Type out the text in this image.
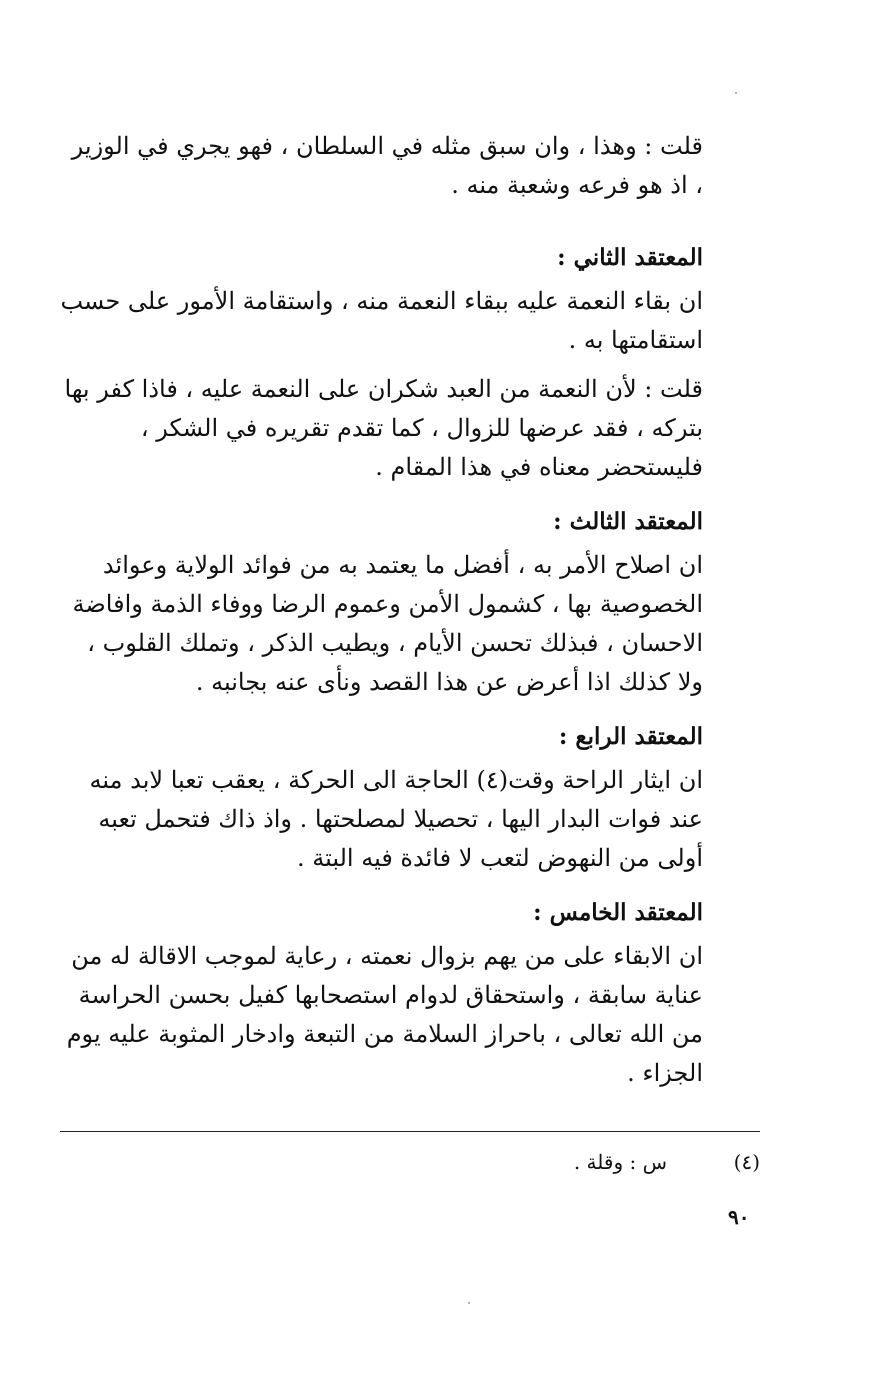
قلت : وهذا ، وان سبق مثله في السلطان ، فهو يجري في الوزير ، اذ هو فرعه وشعبة منه .

المعتقد الثاني :

ان بقاء النعمة عليه ببقاء النعمة منه ، واستقامة الأمور على حسب استقامتها به .

قلت : لأن النعمة من العبد شكران على النعمة عليه ، فاذا كفر بها بتركه ، فقد عرضها للزوال ، كما تقدم تقريره في الشكر ، فليستحضر معناه في هذا المقام .

المعتقد الثالث :

ان اصلاح الأمر به ، أفضل ما يعتمد به من فوائد الولاية وعوائد الخصوصية بها ، كشمول الأمن وعموم الرضا ووفاء الذمة وافاضة الاحسان ، فبذلك تحسن الأيام ، ويطيب الذكر ، وتملك القلوب ، ولا كذلك اذا أعرض عن هذا القصد ونأى عنه بجانبه .

المعتقد الرابع :

ان ايثار الراحة وقت(٤) الحاجة الى الحركة ، يعقب تعبا لابد منه عند فوات البدار اليها ، تحصيلا لمصلحتها . واذ ذاك فتحمل تعبه أولى من النهوض لتعب لا فائدة فيه البتة .

المعتقد الخامس :

ان الابقاء على من يهم بزوال نعمته ، رعاية لموجب الاقالة له من عناية سابقة ، واستحقاق لدوام استصحابها كفيل بحسن الحراسة من الله تعالى ، باحراز السلامة من التبعة وادخار المثوبة عليه يوم الجزاء .

(٤)
س : وقلة .
٩٠
